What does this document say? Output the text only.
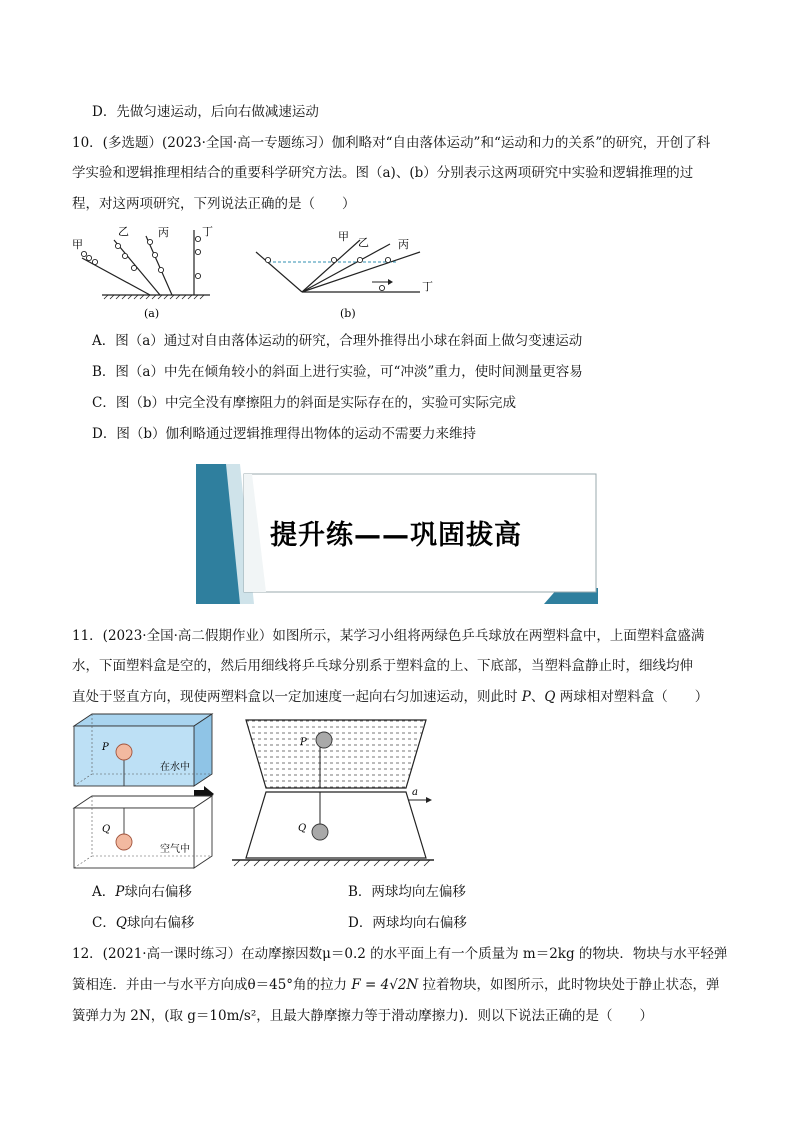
D．先做匀速运动，后向右做减速运动
10．(多选题）(2023·全国·高一专题练习）伽利略对“自由落体运动”和“运动和力的关系”的研究，开创了科
学实验和逻辑推理相结合的重要科学研究方法。图（a)、(b）分别表示这两项研究中实验和逻辑推理的过
程，对这两项研究，下列说法正确的是（　　）
甲
乙	丙	丁
(a)
甲 乙	丙
丁
(b)
A．图（a）通过对自由落体运动的研究，合理外推得出小球在斜面上做匀变速运动
B．图（a）中先在倾角较小的斜面上进行实验，可“冲淡”重力，使时间测量更容易
C．图（b）中完全没有摩擦阻力的斜面是实际存在的，实验可实际完成
D．图（b）伽利略通过逻辑推理得出物体的运动不需要力来维持
提升练——巩固拔高
11．(2023·全国·高二假期作业）如图所示，某学习小组将两绿色乒乓球放在两塑料盒中，上面塑料盒盛满
水，下面塑料盒是空的，然后用细线将乒乓球分别系于塑料盒的上、下底部，当塑料盒静止时，细线均伸
直处于竖直方向，现使两塑料盒以一定加速度一起向右匀加速运动，则此时 P、Q 两球相对塑料盒（　　）
P
在水中
Q
空气中
P
Q
a
A．P球向右偏移	B．两球均向左偏移
C．Q球向右偏移	D．两球均向右偏移
12．(2021·高一课时练习）在动摩擦因数μ＝0.2 的水平面上有一个质量为 m＝2kg 的物块．物块与水平轻弹
簧相连．并由一与水平方向成θ＝45°角的拉力 F = 4√2N 拉着物块，如图所示，此时物块处于静止状态，弹
簧弹力为 2N，(取 g＝10m/s²，且最大静摩擦力等于滑动摩擦力)．则以下说法正确的是（　　）
